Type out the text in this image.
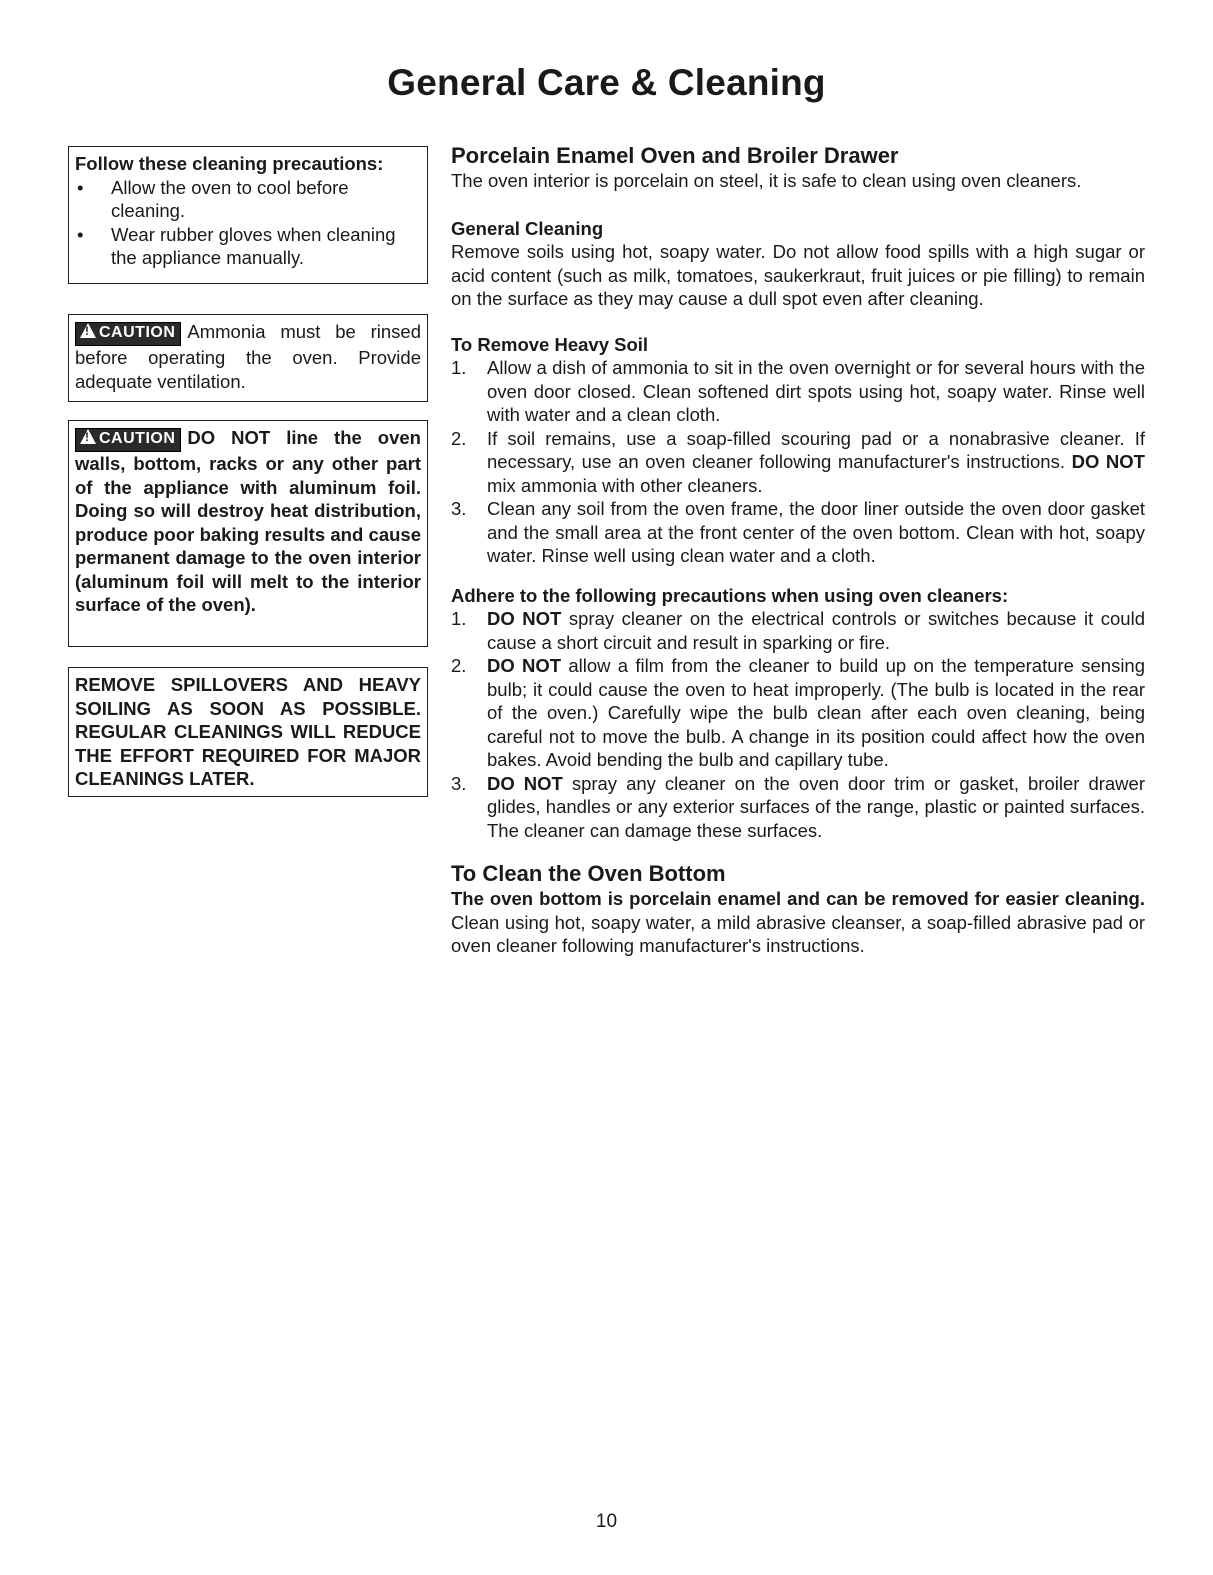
General Care & Cleaning
Follow these cleaning precautions:
• Allow the oven to cool before cleaning.
• Wear rubber gloves when cleaning the appliance manually.
!CAUTION Ammonia must be rinsed before operating the oven. Provide adequate ventilation.
!CAUTION DO NOT line the oven walls, bottom, racks or any other part of the appliance with aluminum foil. Doing so will destroy heat distribution, produce poor baking results and cause permanent damage to the oven interior (aluminum foil will melt to the interior surface of the oven).
REMOVE SPILLOVERS AND HEAVY SOILING AS SOON AS POSSIBLE. REGULAR CLEANINGS WILL REDUCE THE EFFORT REQUIRED FOR MAJOR CLEANINGS LATER.
Porcelain Enamel Oven and Broiler Drawer

The oven interior is porcelain on steel, it is safe to clean using oven cleaners.

General Cleaning

Remove soils using hot, soapy water. Do not allow food spills with a high sugar or acid content (such as milk, tomatoes, saukerkraut, fruit juices or pie filling) to remain on the surface as they may cause a dull spot even after cleaning.

To Remove Heavy Soil

1. Allow a dish of ammonia to sit in the oven overnight or for several hours with the oven door closed. Clean softened dirt spots using hot, soapy water. Rinse well with water and a clean cloth.
2. If soil remains, use a soap-filled scouring pad or a nonabrasive cleaner. If necessary, use an oven cleaner following manufacturer's instructions. DO NOT mix ammonia with other cleaners.
3. Clean any soil from the oven frame, the door liner outside the oven door gasket and the small area at the front center of the oven bottom. Clean with hot, soapy water. Rinse well using clean water and a cloth.

Adhere to the following precautions when using oven cleaners:

1. DO NOT spray cleaner on the electrical controls or switches because it could cause a short circuit and result in sparking or fire.
2. DO NOT allow a film from the cleaner to build up on the temperature sensing bulb; it could cause the oven to heat improperly. (The bulb is located in the rear of the oven.) Carefully wipe the bulb clean after each oven cleaning, being careful not to move the bulb. A change in its position could affect how the oven bakes. Avoid bending the bulb and capillary tube.
3. DO NOT spray any cleaner on the oven door trim or gasket, broiler drawer glides, handles or any exterior surfaces of the range, plastic or painted surfaces. The cleaner can damage these surfaces.
To Clean the Oven Bottom

The oven bottom is porcelain enamel and can be removed for easier cleaning. Clean using hot, soapy water, a mild abrasive cleanser, a soap-filled abrasive pad or oven cleaner following manufacturer's instructions.

10
